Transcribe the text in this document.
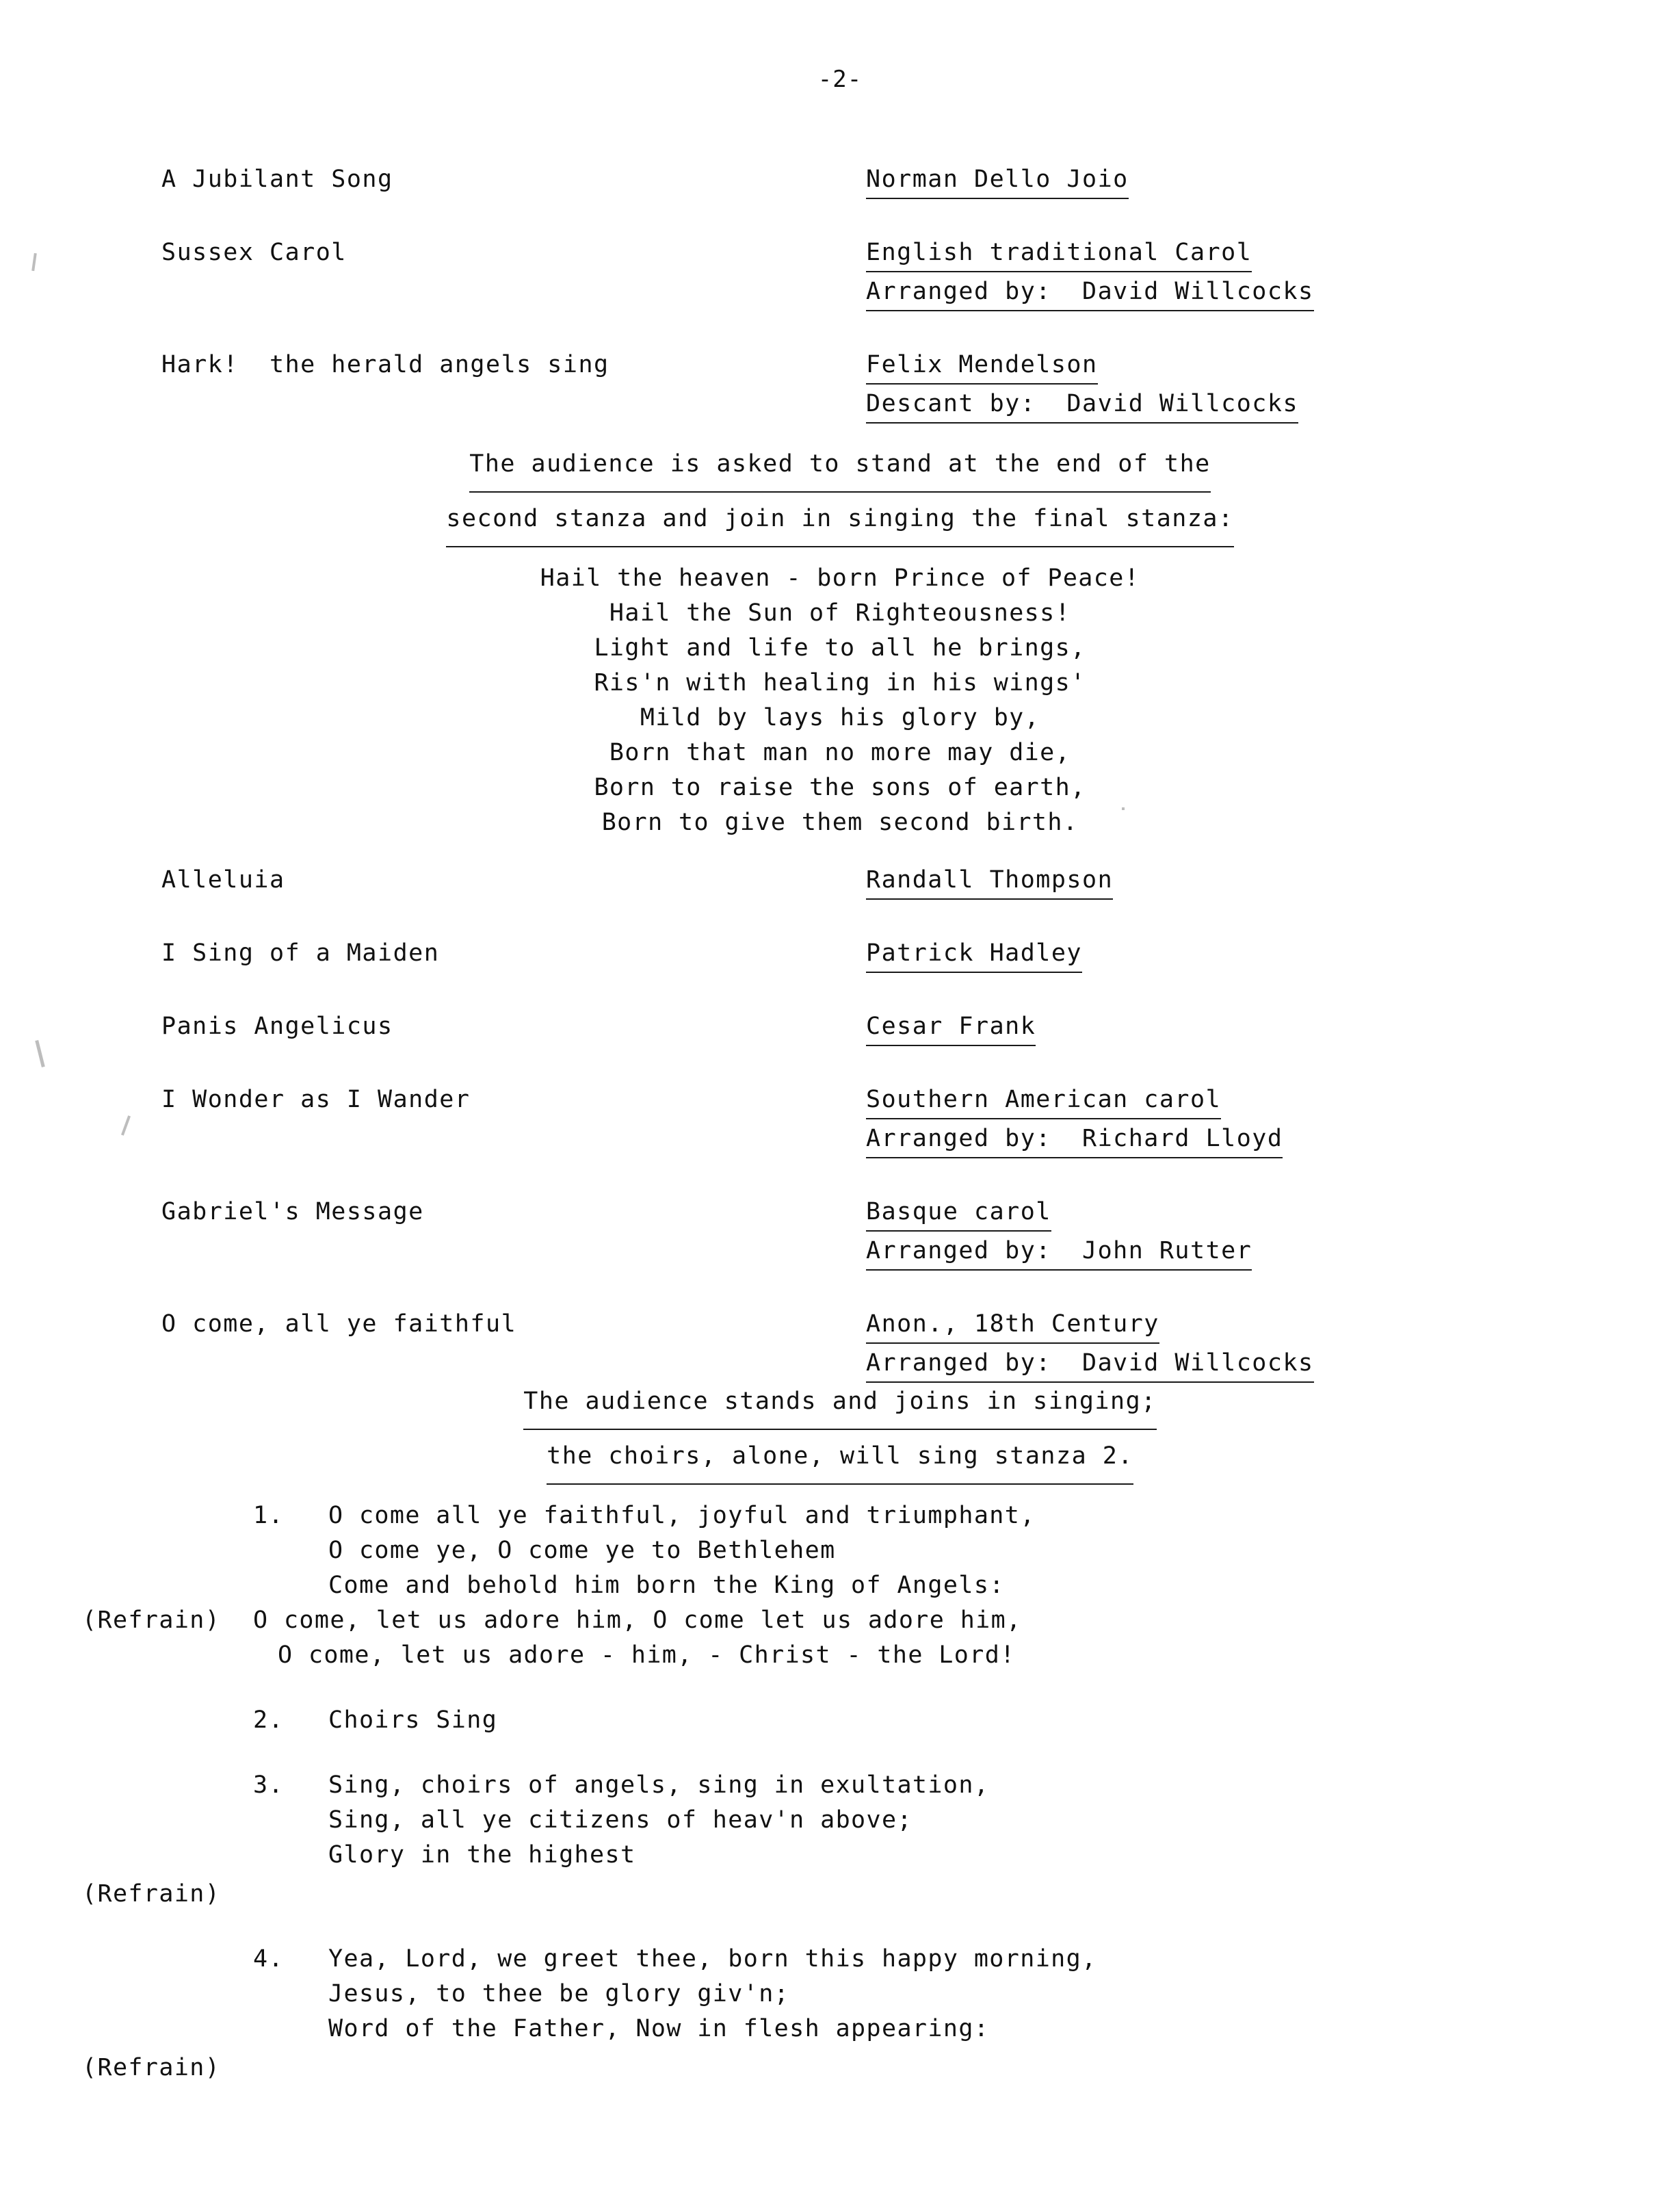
-2-
A Jubilant Song	Norman Dello Joio
Sussex Carol	English traditional Carol
Arranged by:  David Willcocks
Hark!  the herald angels sing	Felix Mendelson
Descant by:  David Willcocks
The audience is asked to stand at the end of the
second stanza and join in singing the final stanza:
Hail the heaven - born Prince of Peace!
Hail the Sun of Righteousness!
Light and life to all he brings,
Ris'n with healing in his wings'
Mild by lays his glory by,
Born that man no more may die,
Born to raise the sons of earth,
Born to give them second birth.
Alleluia	Randall Thompson
I Sing of a Maiden	Patrick Hadley
Panis Angelicus	Cesar Frank
I Wonder as I Wander	Southern American carol
Arranged by:  Richard Lloyd
Gabriel's Message	Basque carol
Arranged by:  John Rutter
O come, all ye faithful	Anon., 18th Century
Arranged by:  David Willcocks
The audience stands and joins in singing;
the choirs, alone, will sing stanza 2.
1.	O come all ye faithful, joyful and triumphant,
O come ye, O come ye to Bethlehem
Come and behold him born the King of Angels:
(Refrain)	O come, let us adore him, O come let us adore him,
O come, let us adore - him, - Christ - the Lord!
2.	Choirs Sing
3.	Sing, choirs of angels, sing in exultation,
Sing, all ye citizens of heav'n above;
Glory in the highest
(Refrain)
4.	Yea, Lord, we greet thee, born this happy morning,
Jesus, to thee be glory giv'n;
Word of the Father, Now in flesh appearing:
(Refrain)
